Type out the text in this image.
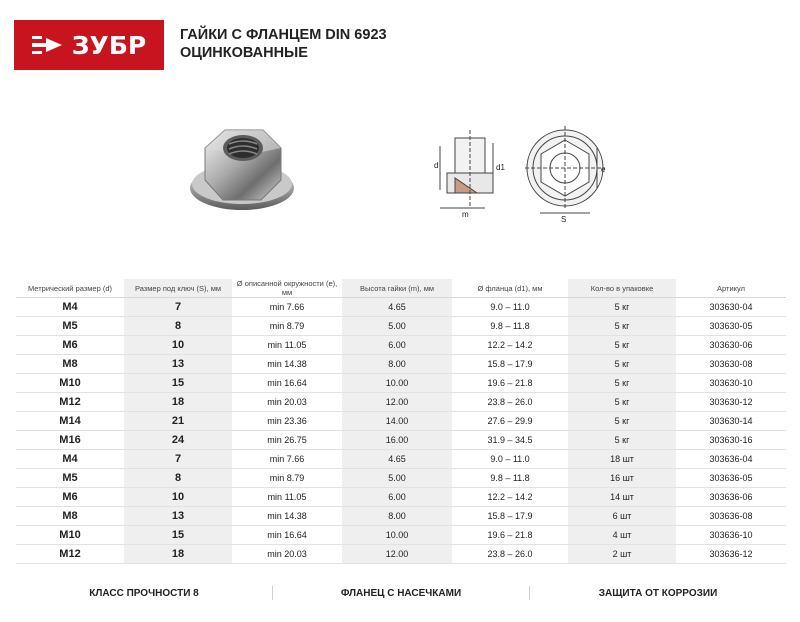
ЗУБР ГАЙКИ С ФЛАНЦЕМ DIN 6923
ОЦИНКОВАННЫЕ
d	d1
m
e
S
Метрический размер (d)	Размер под ключ (S), мм	Ø описанной окружности (e), мм	Высота гайки (m), мм	Ø фланца (d1), мм	Кол-во в упаковке	Артикул
M4	7	min 7.66	4.65	9.0 – 11.0	5 кг	303630-04
M5	8	min 8.79	5.00	9.8 – 11.8	5 кг	303630-05
M6	10	min 11.05	6.00	12.2 – 14.2	5 кг	303630-06
M8	13	min 14.38	8.00	15.8 – 17.9	5 кг	303630-08
M10	15	min 16.64	10.00	19.6 – 21.8	5 кг	303630-10
M12	18	min 20.03	12.00	23.8 – 26.0	5 кг	303630-12
M14	21	min 23.36	14.00	27.6 – 29.9	5 кг	303630-14
M16	24	min 26.75	16.00	31.9 – 34.5	5 кг	303630-16
M4	7	min 7.66	4.65	9.0 – 11.0	18 шт	303636-04
M5	8	min 8.79	5.00	9.8 – 11.8	16 шт	303636-05
M6	10	min 11.05	6.00	12.2 – 14.2	14 шт	303636-06
M8	13	min 14.38	8.00	15.8 – 17.9	6 шт	303636-08
M10	15	min 16.64	10.00	19.6 – 21.8	4 шт	303636-10
M12	18	min 20.03	12.00	23.8 – 26.0	2 шт	303636-12
КЛАСС ПРОЧНОСТИ 8	ФЛАНЕЦ С НАСЕЧКАМИ	ЗАЩИТА ОТ КОРРОЗИИ
